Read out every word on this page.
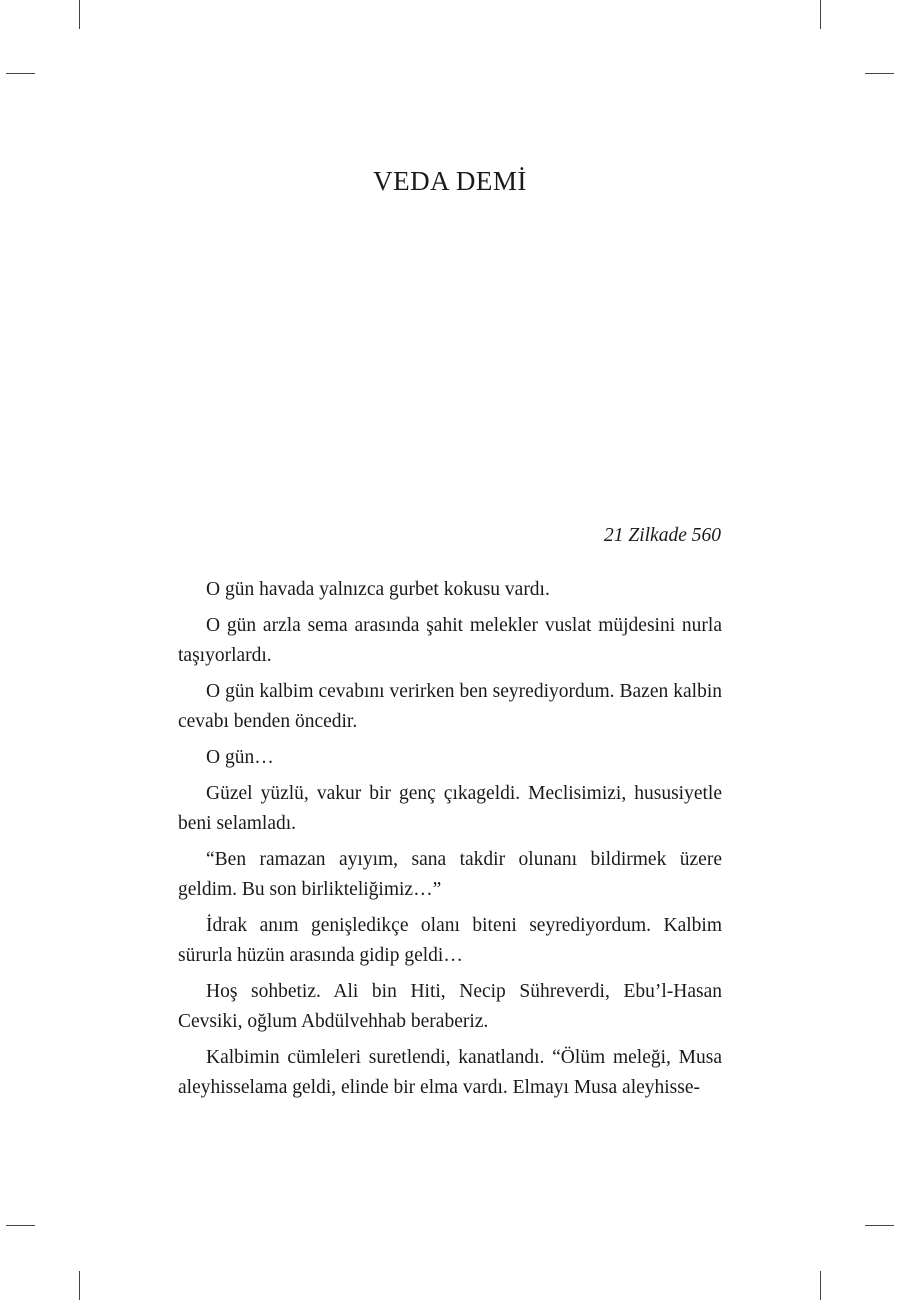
VEDA DEMİ

21 Zilkade 560

O gün havada yalnızca gurbet kokusu vardı.

O gün arzla sema arasında şahit melekler vuslat müjdesini nurla taşıyorlardı.

O gün kalbim cevabını verirken ben seyrediyordum. Bazen kalbin cevabı benden öncedir.

O gün…

Güzel yüzlü, vakur bir genç çıkageldi. Meclisimizi, hususiyetle beni selamladı.

“Ben ramazan ayıyım, sana takdir olunanı bildirmek üzere geldim. Bu son birlikteliğimiz…”

İdrak anım genişledikçe olanı biteni seyrediyordum. Kalbim sürurla hüzün arasında gidip geldi…

Hoş sohbetiz. Ali bin Hiti, Necip Sühreverdi, Ebu’l-Hasan Cevsiki, oğlum Abdülvehhab beraberiz.

Kalbimin cümleleri suretlendi, kanatlandı. “Ölüm meleği, Musa aleyhisselama geldi, elinde bir elma vardı. Elmayı Musa aleyhisse-
